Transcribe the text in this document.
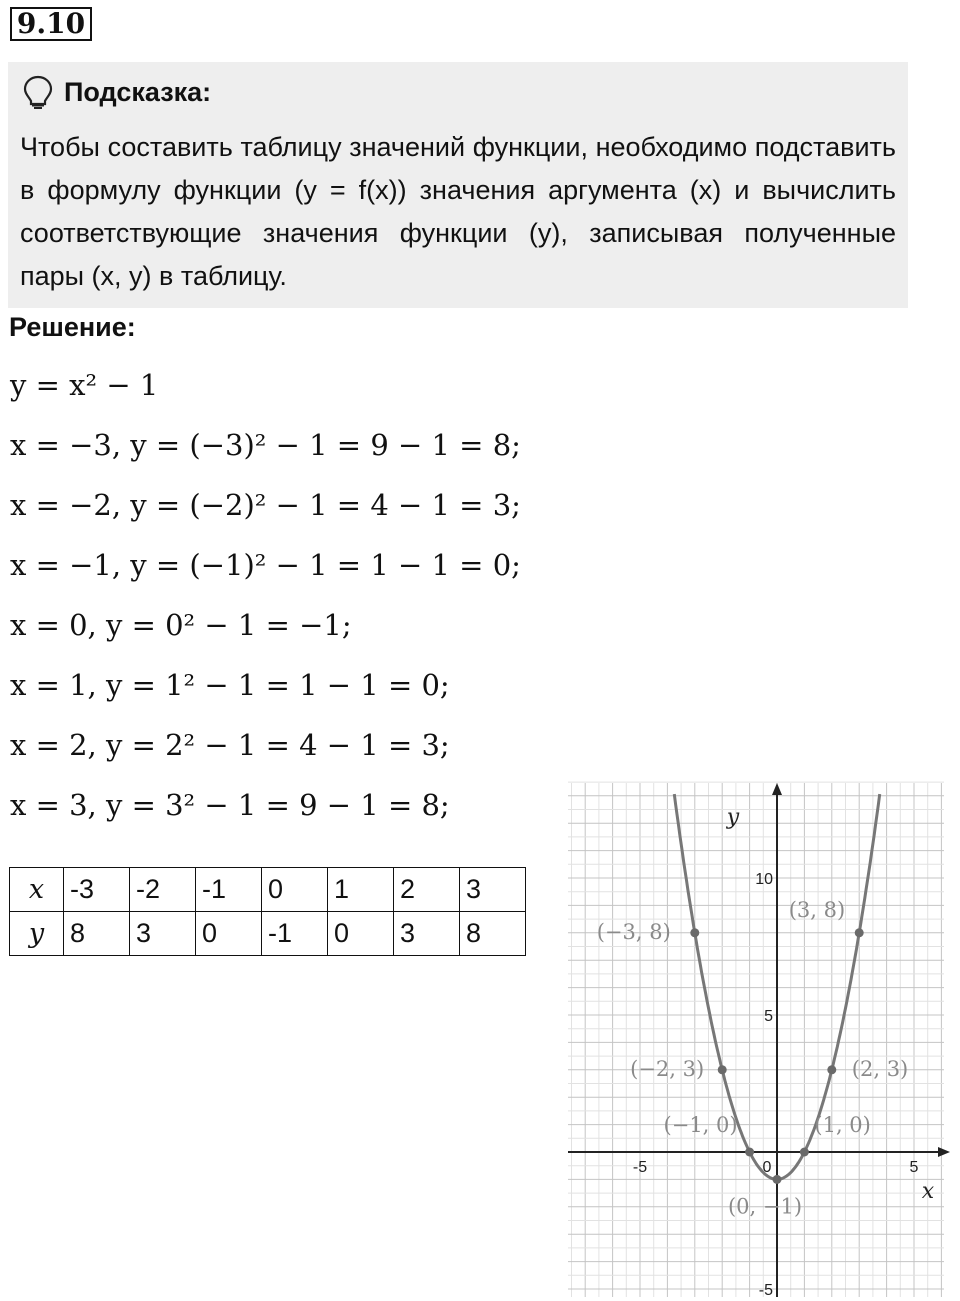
9.10
Подсказка:
Чтобы составить таблицу значений функции, необходимо подставить в формулу функции (y = f(x)) значения аргумента (x) и вычислить соответствующие значения функции (y), записывая полученные пары (x, y) в таблицу.
Решение:
y = x² − 1
x = −3, y = (−3)² − 1 = 9 − 1 = 8;
x = −2, y = (−2)² − 1 = 4 − 1 = 3;
x = −1, y = (−1)² − 1 = 1 − 1 = 0;
x = 0, y = 0² − 1 = −1;
x = 1, y = 1² − 1 = 1 − 1 = 0;
x = 2, y = 2² − 1 = 4 − 1 = 3;
x = 3, y = 3² − 1 = 9 − 1 = 8;
x	-3	-2	-1	0	1	2	3
y	8	3	0	-1	0	3	8
-5	0	5
10
5
-5
x
y
(−3, 8)
(−2, 3)
(−1, 0)
(0, −1)
(1, 0)
(2, 3)
(3, 8)
